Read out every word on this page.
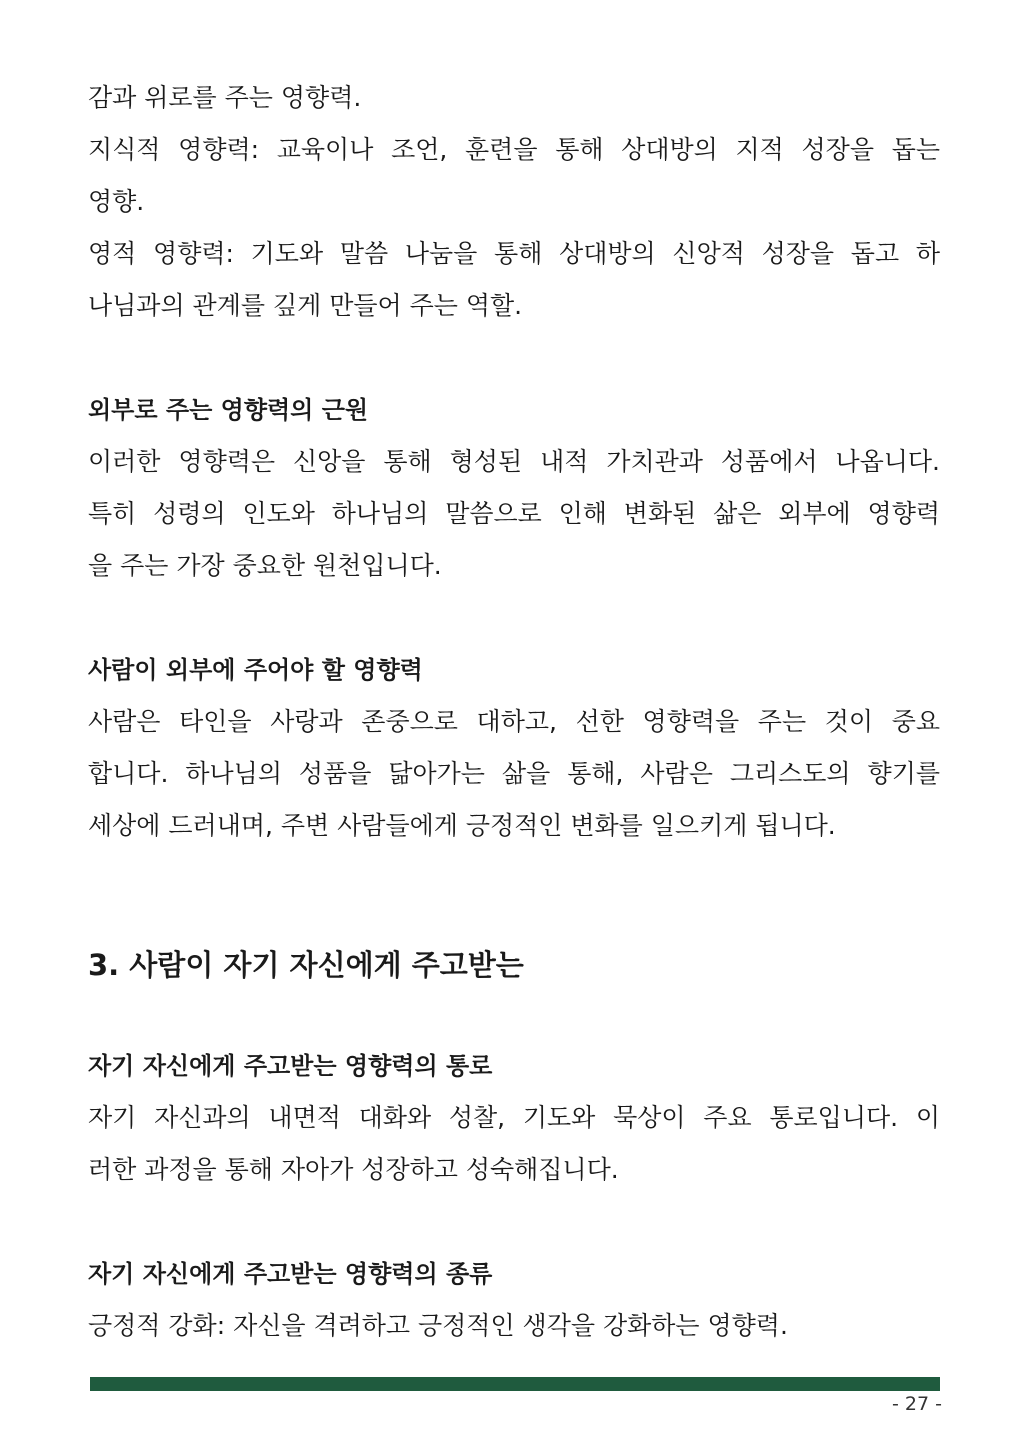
감과 위로를 주는 영향력.
지식적 영향력: 교육이나 조언, 훈련을 통해 상대방의 지적 성장을 돕는
영향.
영적 영향력: 기도와 말씀 나눔을 통해 상대방의 신앙적 성장을 돕고 하
나님과의 관계를 깊게 만들어 주는 역할.
외부로 주는 영향력의 근원
이러한 영향력은 신앙을 통해 형성된 내적 가치관과 성품에서 나옵니다.
특히 성령의 인도와 하나님의 말씀으로 인해 변화된 삶은 외부에 영향력
을 주는 가장 중요한 원천입니다.
사람이 외부에 주어야 할 영향력
사람은 타인을 사랑과 존중으로 대하고, 선한 영향력을 주는 것이 중요
합니다. 하나님의 성품을 닮아가는 삶을 통해, 사람은 그리스도의 향기를
세상에 드러내며, 주변 사람들에게 긍정적인 변화를 일으키게 됩니다.
3. 사람이 자기 자신에게 주고받는
자기 자신에게 주고받는 영향력의 통로
자기 자신과의 내면적 대화와 성찰, 기도와 묵상이 주요 통로입니다. 이
러한 과정을 통해 자아가 성장하고 성숙해집니다.
자기 자신에게 주고받는 영향력의 종류
긍정적 강화: 자신을 격려하고 긍정적인 생각을 강화하는 영향력.
- 27 -
